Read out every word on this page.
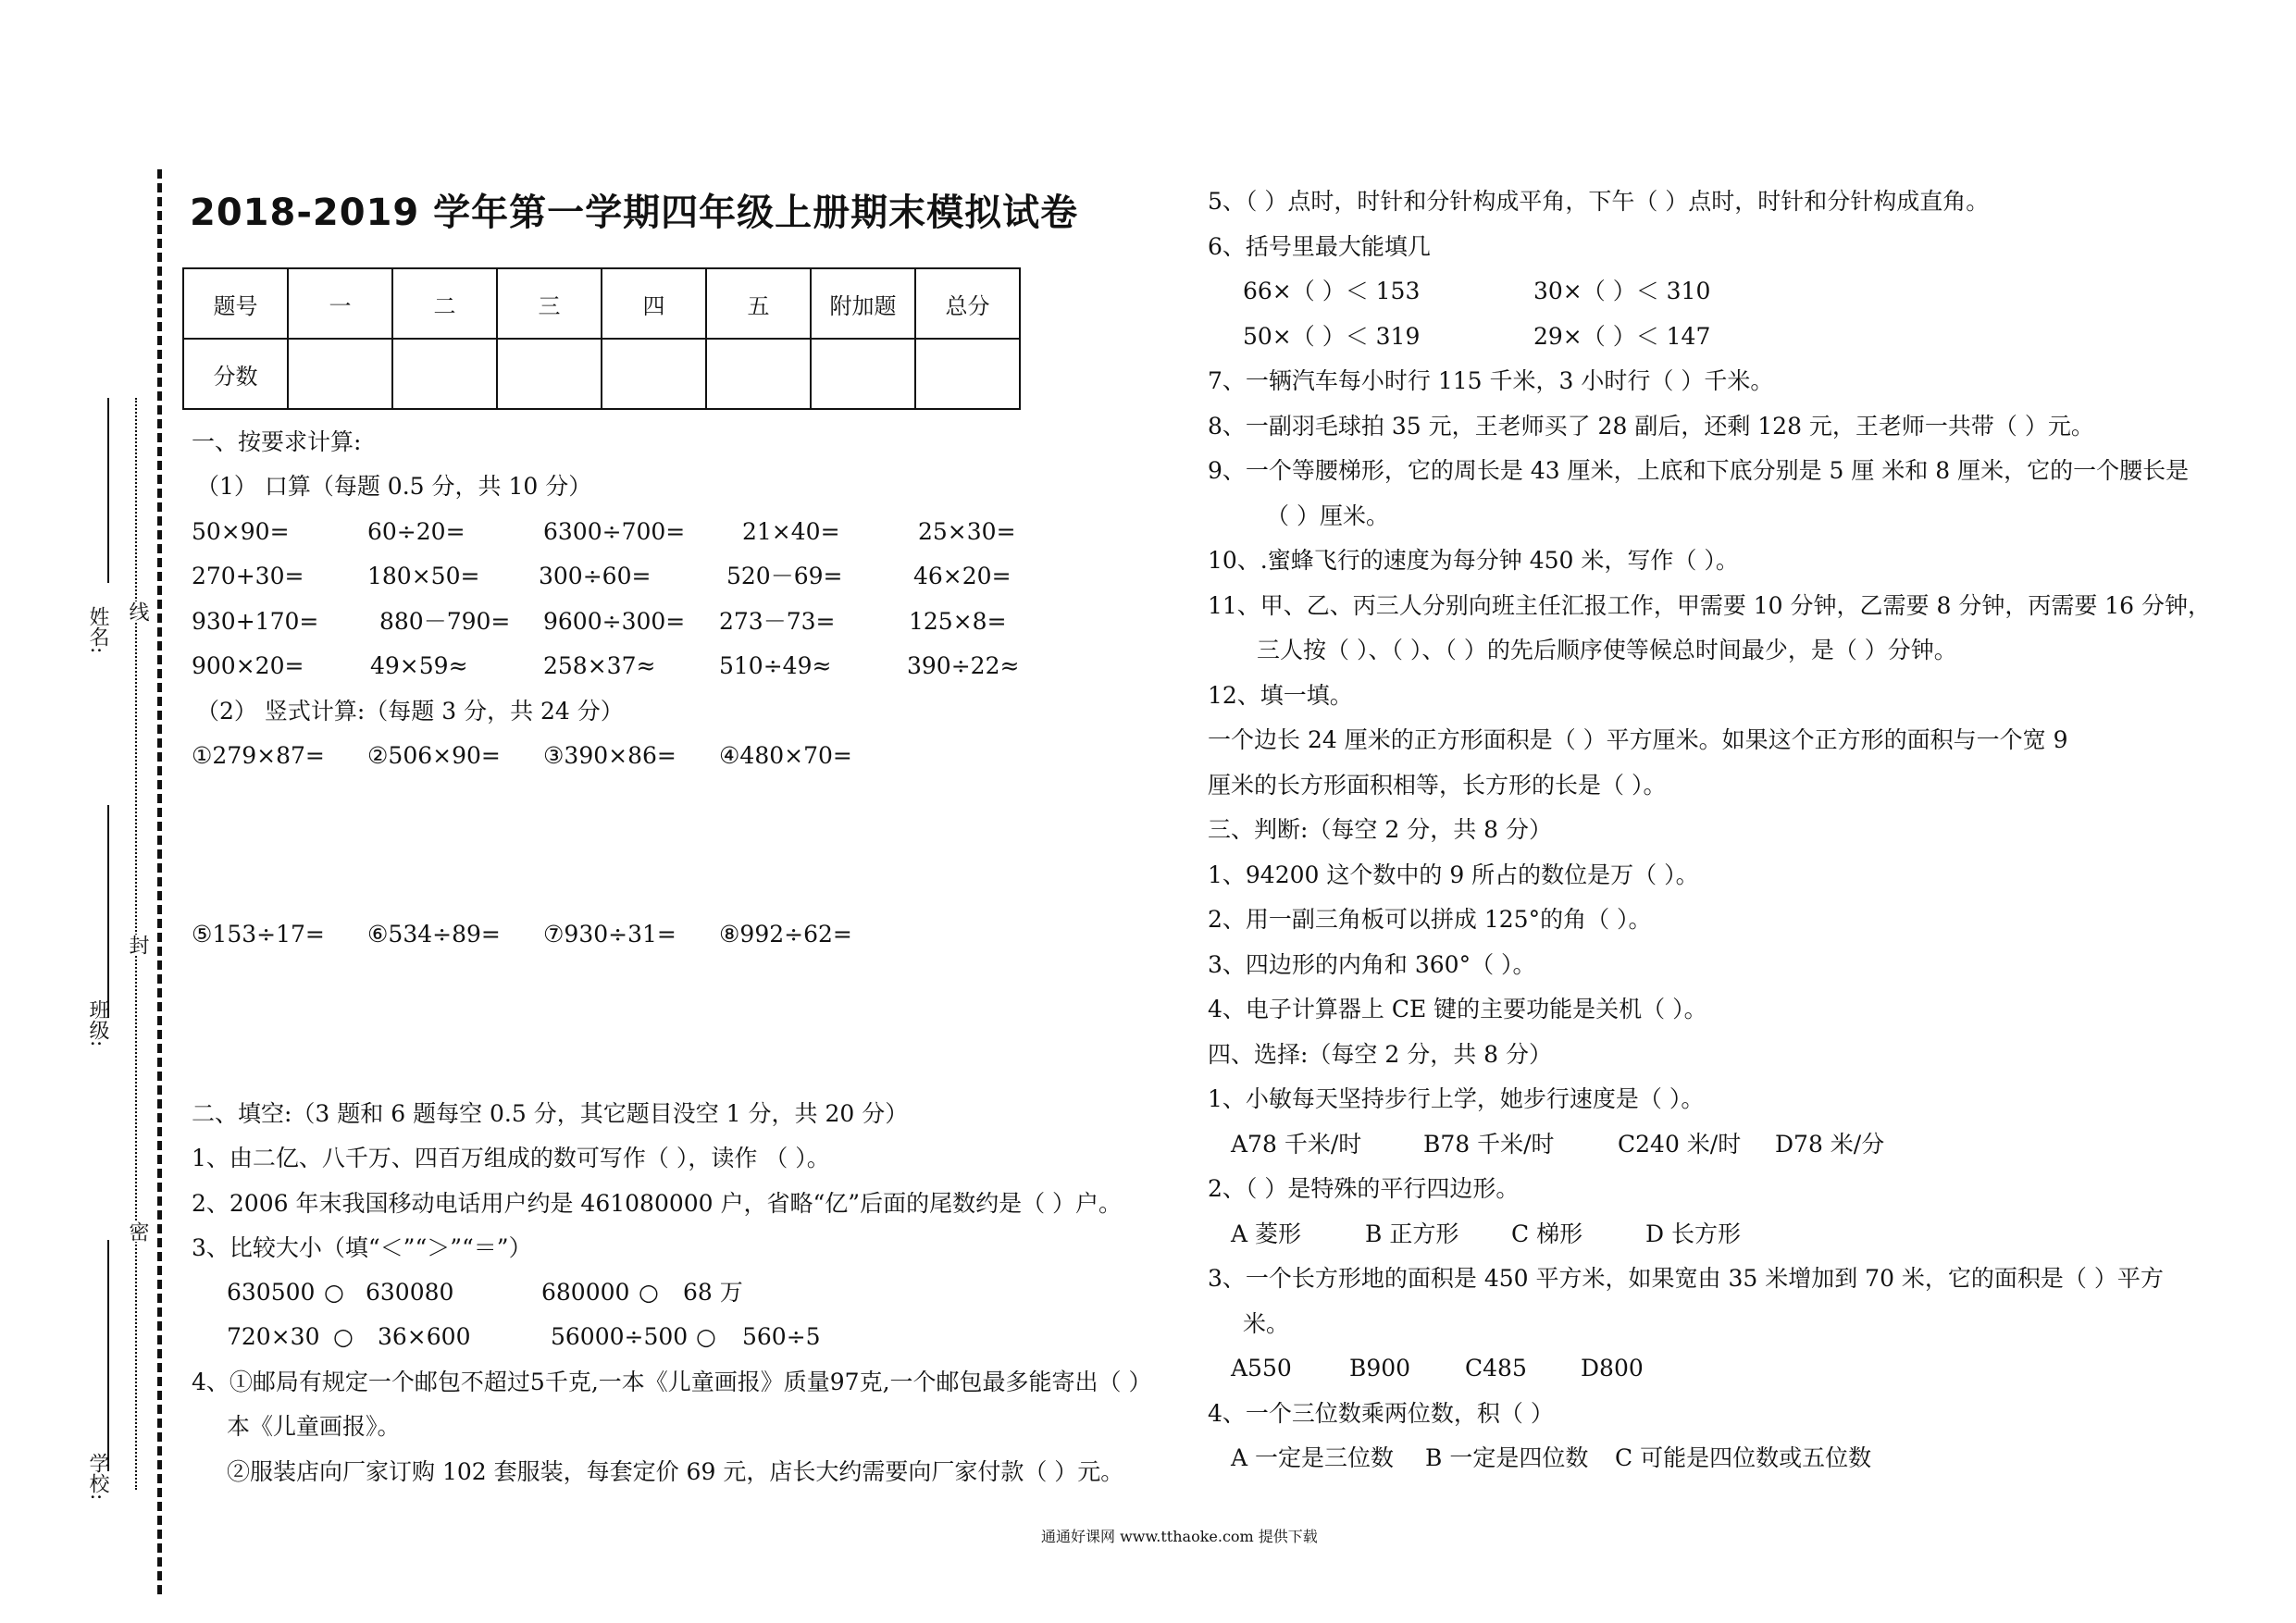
姓名:
班级:
学校:
线
封
密
2018-2019 学年第一学期四年级上册期末模拟试卷
题号	一	二	三	四	五	附加题	总分
分数							
一、按要求计算:
（1） 口算（每题 0.5 分，共 10 分）
50×90=	60÷20=	6300÷700= 21×40=	25×30=
270+30=	180×50=	300÷60=	520－69=	46×20=
930+170=	880－790= 9600÷300= 273－73=	125×8=
900×20=	49×59≈	258×37≈	510÷49≈	390÷22≈
（2） 竖式计算:（每题 3 分，共 24 分）
①279×87= ②506×90= ③390×86= ④480×70=
⑤153÷17= ⑥534÷89= ⑦930÷31= ⑧992÷62=
二、填空:（3 题和 6 题每空 0.5 分，其它题目没空 1 分，共 20 分）
1、由二亿、八千万、四百万组成的数可写作（ ），读作 （ ）。
2、2006 年末我国移动电话用户约是 461080000 户，省略“亿”后面的尾数约是（ ）户。
3、比较大小（填“＜”“＞”“＝”）
630500 ○ 630080	680000 ○ 68 万
720×30 ○ 36×600	56000÷500 ○ 560÷5
4、①邮局有规定一个邮包不超过5千克,一本《儿童画报》质量97克,一个邮包最多能寄出（ ）
本《儿童画报》。
②服装店向厂家订购 102 套服装，每套定价 69 元，店长大约需要向厂家付款（ ）元。
5、（ ）点时，时针和分针构成平角，下午（ ）点时，时针和分针构成直角。
6、括号里最大能填几
66×（ ）＜ 153	30×（ ）＜ 310
50×（ ）＜ 319	29×（ ）＜ 147
7、一辆汽车每小时行 115 千米，3 小时行（ ）千米。
8、一副羽毛球拍 35 元，王老师买了 28 副后，还剩 128 元，王老师一共带（ ）元。
9、一个等腰梯形，它的周长是 43 厘米，上底和下底分别是 5 厘 米和 8 厘米，它的一个腰长是
（ ）厘米。
10、.蜜蜂飞行的速度为每分钟 450 米，写作（ ）。
11、甲、乙、丙三人分别向班主任汇报工作，甲需要 10 分钟，乙需要 8 分钟，丙需要 16 分钟，
三人按（ ）、（ ）、（ ）的先后顺序使等候总时间最少，是（ ）分钟。
12、填一填。
一个边长 24 厘米的正方形面积是（ ）平方厘米。如果这个正方形的面积与一个宽 9
厘米的长方形面积相等，长方形的长是（ ）。
三、判断:（每空 2 分，共 8 分）
1、94200 这个数中的 9 所占的数位是万（ ）。
2、用一副三角板可以拼成 125°的角（ ）。
3、四边形的内角和 360°（ ）。
4、电子计算器上 CE 键的主要功能是关机（ ）。
四、选择:（每空 2 分，共 8 分）
1、小敏每天坚持步行上学，她步行速度是（ ）。
A78 千米/时	B78 千米/时	C240 米/时 D78 米/分
2、（ ）是特殊的平行四边形。
A 菱形	B 正方形 C 梯形	D 长方形
3、一个长方形地的面积是 450 平方米，如果宽由 35 米增加到 70 米，它的面积是（ ）平方
米。
A550 B900 C485 D800
4、一个三位数乘两位数，积（ ）
A 一定是三位数 B 一定是四位数 C 可能是四位数或五位数
通通好课网 www.tthaoke.com 提供下载
